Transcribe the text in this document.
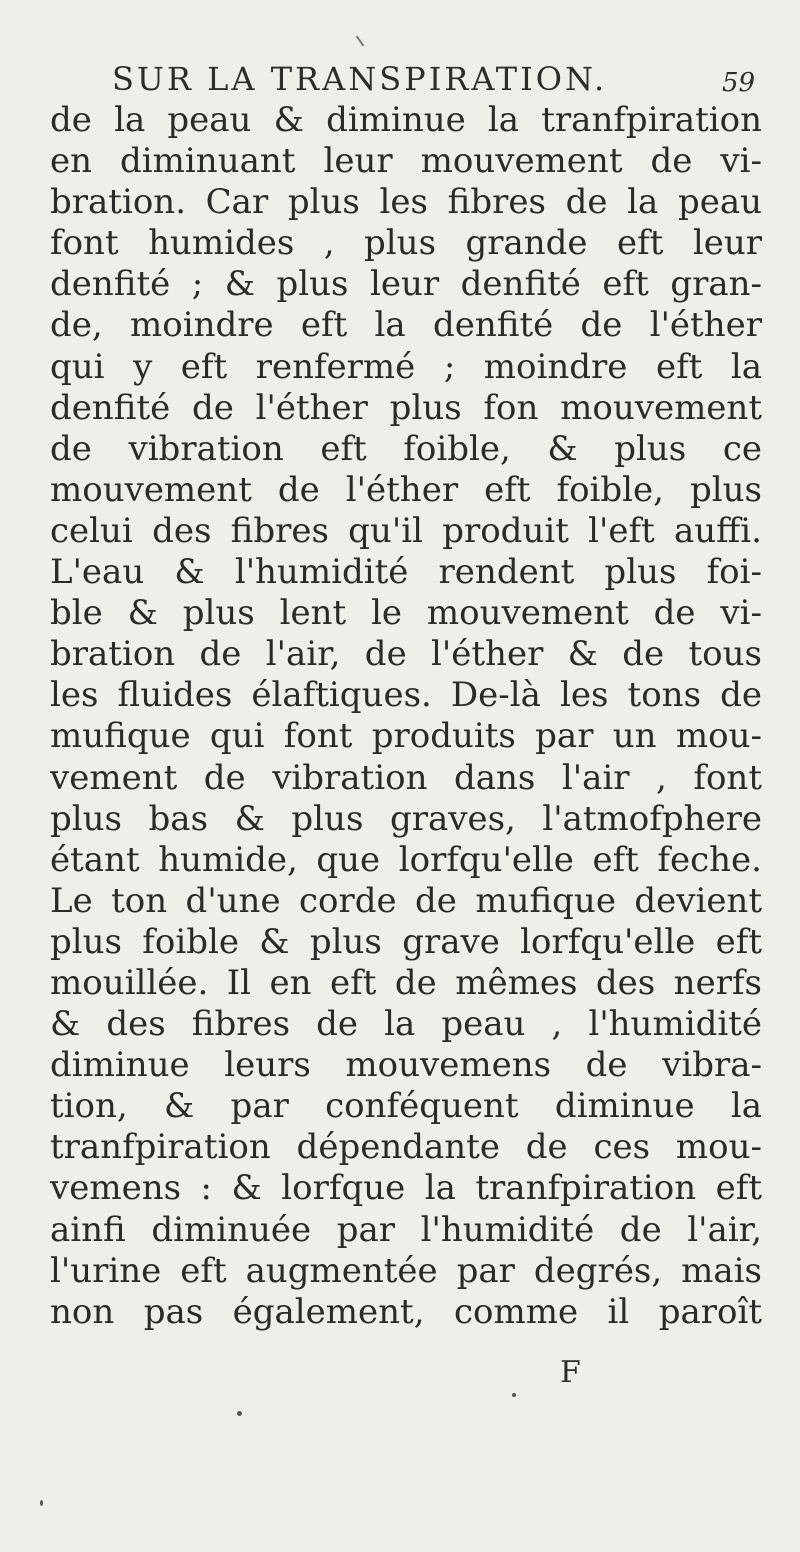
SUR LA TRANSPIRATION.	59
de la peau & diminue la tranfpiration
en diminuant leur mouvement de vi-
bration. Car plus les fibres de la peau
font humides , plus grande eft leur
denfité ; & plus leur denfité eft gran-
de, moindre eft la denfité de l'éther
qui y eft renfermé ; moindre eft la
denfité de l'éther plus fon mouvement
de vibration eft foible, & plus ce
mouvement de l'éther eft foible, plus
celui des fibres qu'il produit l'eft auffi.
L'eau & l'humidité rendent plus foi-
ble & plus lent le mouvement de vi-
bration de l'air, de l'éther & de tous
les fluides élaftiques. De-là les tons de
mufique qui font produits par un mou-
vement de vibration dans l'air , font
plus bas & plus graves, l'atmofphere
étant humide, que lorfqu'elle eft feche.
Le ton d'une corde de mufique devient
plus foible & plus grave lorfqu'elle eft
mouillée. Il en eft de mêmes des nerfs
& des fibres de la peau , l'humidité
diminue leurs mouvemens de vibra-
tion, & par conféquent diminue la
tranfpiration dépendante de ces mou-
vemens : & lorfque la tranfpiration eft
ainfi diminuée par l'humidité de l'air,
l'urine eft augmentée par degrés, mais
non pas également, comme il paroît
F
